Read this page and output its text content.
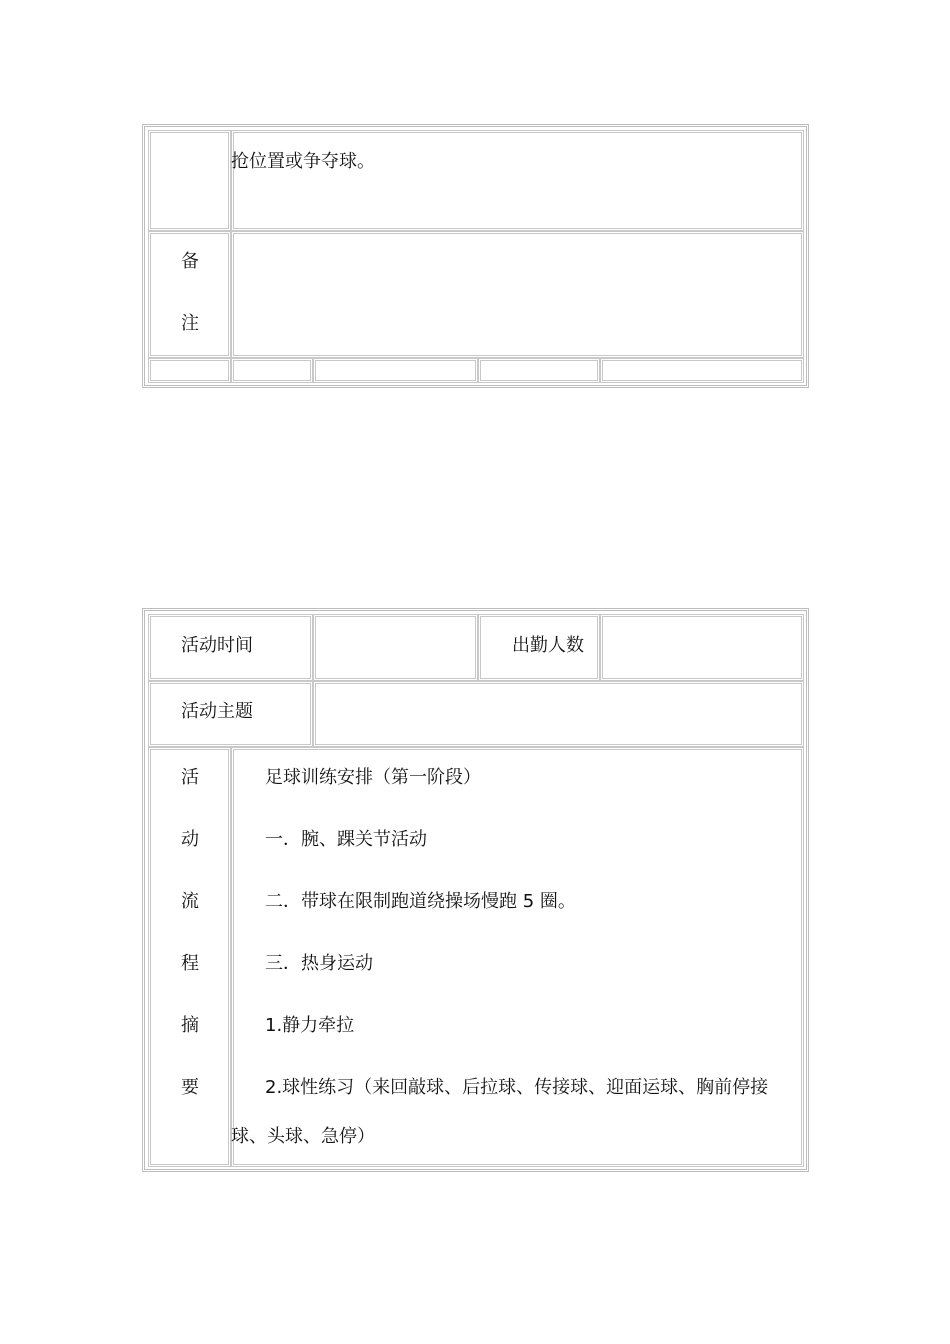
抢位置或争夺球。
备
注
活动时间	出勤人数
活动主题
活
动
流
程
摘
要
足球训练安排（第一阶段）
一．腕、踝关节活动
二．带球在限制跑道绕操场慢跑 5 圈。
三．热身运动
1.静力牵拉
2.球性练习（来回敲球、后拉球、传接球、迎面运球、胸前停接
球、头球、急停）
